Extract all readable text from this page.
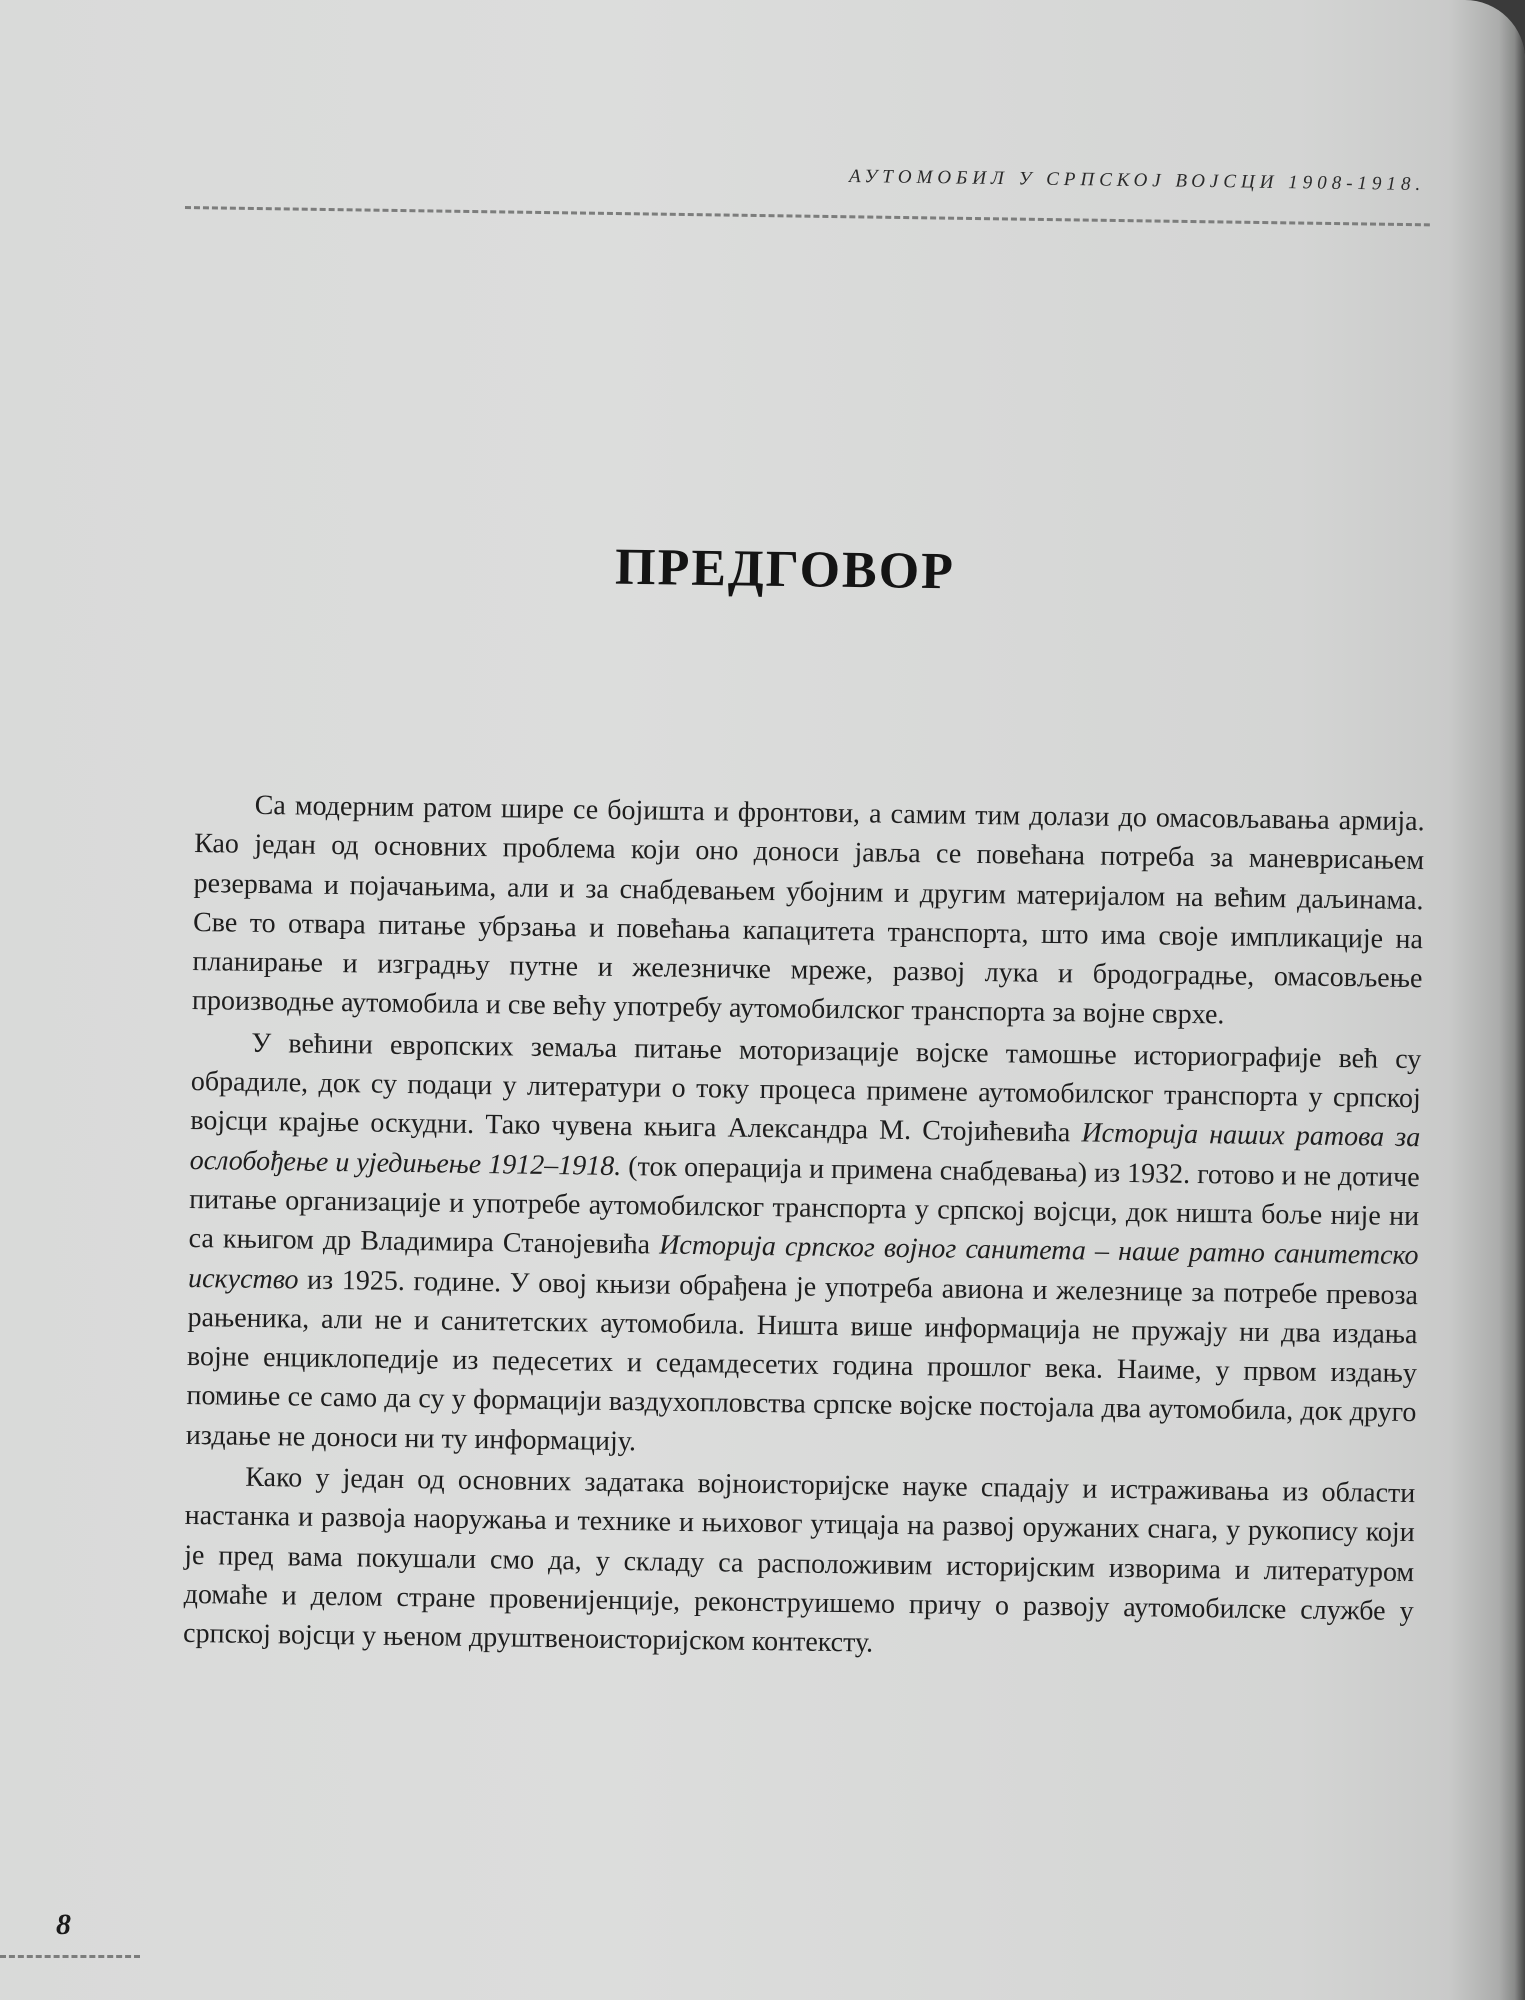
АУТОМОБИЛ У СРПСКОЈ ВОЈСЦИ 1908-1918.
ПРЕДГОВОР

Са модерним ратом шире се бојишта и фронтови, а самим тим долази до омасовљавања армија. Као један од основних проблема који оно доноси јавља се повећана потреба за маневрисањем резервама и појачањима, али и за снабдевањем убојним и другим материјалом на већим даљинама. Све то отвара питање убрзања и повећања капацитета транспорта, што има своје импликације на планирање и изградњу путне и железничке мреже, развој лука и бродоградње, омасовљење производње аутомобила и све већу употребу аутомобилског транспорта за војне сврхе.

У већини европских земаља питање моторизације војске тамошње историографије већ су обрадиле, док су подаци у литератури о току процеса примене аутомобилског транспорта у српској војсци крајње оскудни. Тако чувена књига Александра М. Стојићевића Историја наших ратова за ослобођење и уједињење 1912–1918. (ток операција и примена снабдевања) из 1932. готово и не дотиче питање организације и употребе аутомобилског транспорта у српској војсци, док ништа боље није ни са књигом др Владимира Станојевића Историја српског војног санитета – наше ратно санитетско искуство из 1925. године. У овој књизи обрађена је употреба авиона и железнице за потребе превоза рањеника, али не и санитетских аутомобила. Ништа више информација не пружају ни два издања војне енциклопедије из педесетих и седамдесетих година прошлог века. Наиме, у првом издању помиње се само да су у формацији ваздухопловства српске војске постојала два аутомобила, док друго издање не доноси ни ту информацију.

Како у један од основних задатака војноисторијске науке спадају и истраживања из области настанка и развоја наоружања и технике и њиховог утицаја на развој оружаних снага, у рукопису који је пред вама покушали смо да, у складу са расположивим историјским изворима и литературом домаће и делом стране провенијенције, реконструишемо причу о развоју аутомобилске службе у српској војсци у њеном друштвеноисторијском контексту.

8
